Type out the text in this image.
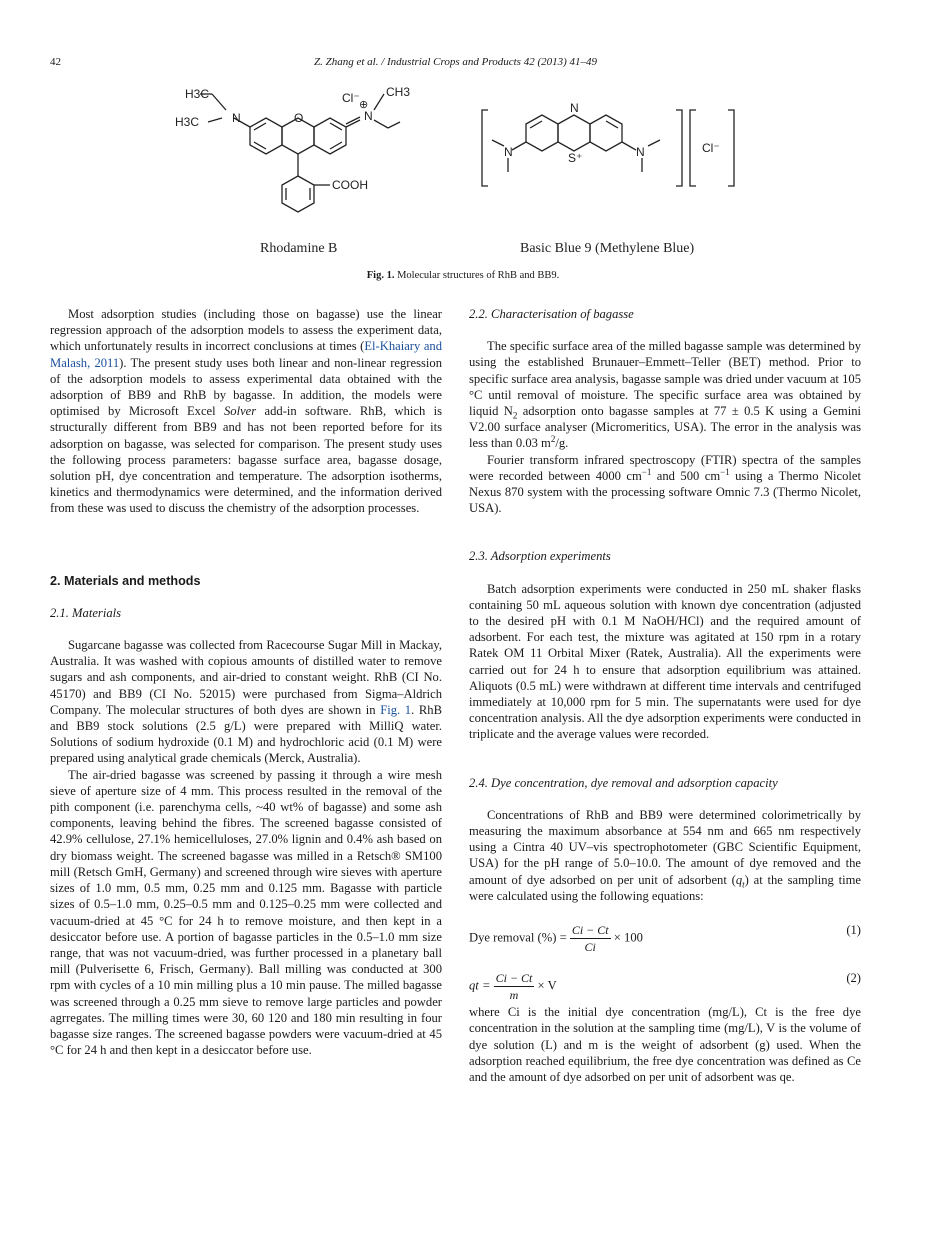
42	Z. Zhang et al. / Industrial Crops and Products 42 (2013) 41–49
N
H3C
H3C	O	N
⊕
Cl⁻ CH3
COOH
Rhodamine B
N
S⁺
N	N	Cl⁻
Basic Blue 9 (Methylene Blue)
Fig. 1. Molecular structures of RhB and BB9.

Most adsorption studies (including those on bagasse) use the linear regression approach of the adsorption models to assess the experiment data, which unfortunately results in incorrect conclusions at times (El-Khaiary and Malash, 2011). The present study uses both linear and non-linear regression of the adsorption models to assess experimental data obtained with the adsorption of BB9 and RhB by bagasse. In addition, the models were optimised by Microsoft Excel Solver add-in software. RhB, which is structurally different from BB9 and has not been reported before for its adsorption on bagasse, was selected for comparison. The present study uses the following process parameters: bagasse surface area, bagasse dosage, solution pH, dye concentration and temperature. The adsorption isotherms, kinetics and thermodynamics were determined, and the information derived from these was used to discuss the chemistry of the adsorption processes.

2. Materials and methods
2.1. Materials

Sugarcane bagasse was collected from Racecourse Sugar Mill in Mackay, Australia. It was washed with copious amounts of distilled water to remove sugars and ash components, and air-dried to constant weight. RhB (CI No. 45170) and BB9 (CI No. 52015) were purchased from Sigma–Aldrich Company. The molecular structures of both dyes are shown in Fig. 1. RhB and BB9 stock solutions (2.5 g/L) were prepared with MilliQ water. Solutions of sodium hydroxide (0.1 M) and hydrochloric acid (0.1 M) were prepared using analytical grade chemicals (Merck, Australia).

The air-dried bagasse was screened by passing it through a wire mesh sieve of aperture size of 4 mm. This process resulted in the removal of the pith component (i.e. parenchyma cells, ~40 wt% of bagasse) and some ash components, leaving behind the fibres. The screened bagasse consisted of 42.9% cellulose, 27.1% hemicelluloses, 27.0% lignin and 0.4% ash based on dry biomass weight. The screened bagasse was milled in a Retsch® SM100 mill (Retsch GmH, Germany) and screened through wire sieves with aperture sizes of 1.0 mm, 0.5 mm, 0.25 mm and 0.125 mm. Bagasse with particle sizes of 0.5–1.0 mm, 0.25–0.5 mm and 0.125–0.25 mm were collected and vacuum-dried at 45 °C for 24 h to remove moisture, and then kept in a desiccator before use. A portion of bagasse particles in the 0.5–1.0 mm size range, that was not vacuum-dried, was further processed in a planetary ball mill (Pulverisette 6, Frisch, Germany). Ball milling was conducted at 300 rpm with cycles of a 10 min milling plus a 10 min pause. The milled bagasse was screened through a 0.25 mm sieve to remove large particles and powder agrregates. The milling times were 30, 60 120 and 180 min resulting in four bagasse size ranges. The screened bagasse powders were vacuum-dried at 45 °C for 24 h and then kept in a desiccator before use.

2.2. Characterisation of bagasse

The specific surface area of the milled bagasse sample was determined by using the established Brunauer–Emmett–Teller (BET) method. Prior to specific surface area analysis, bagasse sample was dried under vacuum at 105 °C until removal of moisture. The specific surface area was obtained by liquid $N_2$ adsorption onto bagasse samples at 77 ± 0.5 K using a Gemini V2.00 surface analyser (Micromeritics, USA). The error in the analysis was less than 0.03 $m^2/g$.

Fourier transform infrared spectroscopy (FTIR) spectra of the samples were recorded between 4000 $cm^{-1}$ and 500 $cm^{-1}$ using a Thermo Nicolet Nexus 870 system with the processing software Omnic 7.3 (Thermo Nicolet, USA).

2.3. Adsorption experiments

Batch adsorption experiments were conducted in 250 mL shaker flasks containing 50 mL aqueous solution with known dye concentration (adjusted to the desired pH with 0.1 M NaOH/HCl) and the required amount of adsorbent. For each test, the mixture was agitated at 150 rpm in a rotary Ratek OM 11 Orbital Mixer (Ratek, Australia). All the experiments were carried out for 24 h to ensure that adsorption equilibrium was attained. Aliquots (0.5 mL) were withdrawn at different time intervals and centrifuged immediately at 10,000 rpm for 5 min. The supernatants were used for dye concentration analysis. All the dye adsorption experiments were conducted in triplicate and the average values were recorded.

2.4. Dye concentration, dye removal and adsorption capacity

Concentrations of RhB and BB9 were determined colorimetrically by measuring the maximum absorbance at 554 nm and 665 nm respectively using a Cintra 40 UV–vis spectrophotometer (GBC Scientific Equipment, USA) for the pH range of 5.0–10.0. The amount of dye removed and the amount of dye adsorbed on per unit of adsorbent $(q_t)$ at the sampling time were calculated using the following equations:

Dye removal (%) = $\frac{Ci - Ct}{Ci} \times 100$
(1)
qt = $\frac{Ci - Ct}{m} \times V$
(2)

where Ci is the initial dye concentration (mg/L), Ct is the free dye concentration in the solution at the sampling time (mg/L), V is the volume of dye solution (L) and m is the weight of adsorbent (g) used. When the adsorption reached equilibrium, the free dye concentration was defined as Ce and the amount of dye adsorbed on per unit of adsorbent was qe.
